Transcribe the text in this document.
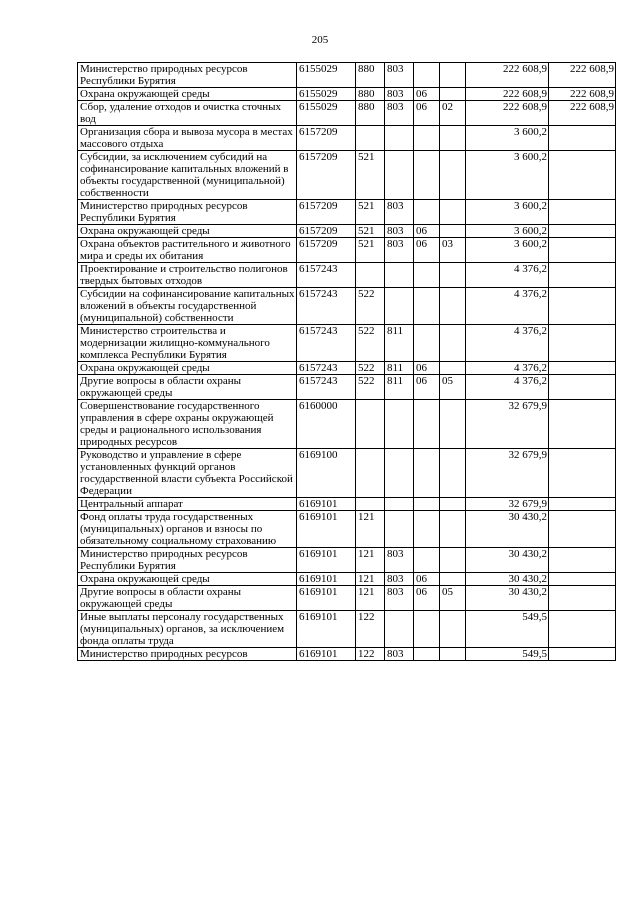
205
Министерство природных ресурсов Республики Бурятия	6155029	880	803			222 608,9	222 608,9
Охрана окружающей среды	6155029	880	803	06		222 608,9	222 608,9
Сбор, удаление отходов и очистка сточных вод	6155029	880	803	06	02	222 608,9	222 608,9
Организация сбора и вывоза мусора в местах массового отдыха	6157209					3 600,2	
Субсидии, за исключением субсидий на софинансирование капитальных вложений в объекты государственной (муниципальной) собственности	6157209	521				3 600,2	
Министерство природных ресурсов Республики Бурятия	6157209	521	803			3 600,2	
Охрана окружающей среды	6157209	521	803	06		3 600,2	
Охрана объектов растительного и животного мира и среды их обитания	6157209	521	803	06	03	3 600,2	
Проектирование и строительство полигонов твердых бытовых отходов	6157243					4 376,2	
Субсидии на софинансирование капитальных вложений в объекты государственной (муниципальной) собственности	6157243	522				4 376,2	
Министерство строительства и модернизации жилищно-коммунального комплекса Республики Бурятия	6157243	522	811			4 376,2	
Охрана окружающей среды	6157243	522	811	06		4 376,2	
Другие вопросы в области охраны окружающей среды	6157243	522	811	06	05	4 376,2	
Совершенствование государственного управления в сфере охраны окружающей среды и рационального использования природных ресурсов	6160000					32 679,9	
Руководство и управление в сфере установленных функций органов государственной власти субъекта Российской Федерации	6169100					32 679,9	
Центральный аппарат	6169101					32 679,9	
Фонд оплаты труда государственных (муниципальных) органов и взносы по обязательному социальному страхованию	6169101	121				30 430,2	
Министерство природных ресурсов Республики Бурятия	6169101	121	803			30 430,2	
Охрана окружающей среды	6169101	121	803	06		30 430,2	
Другие вопросы в области охраны окружающей среды	6169101	121	803	06	05	30 430,2	
Иные выплаты персоналу государственных (муниципальных) органов, за исключением фонда оплаты труда	6169101	122				549,5	
Министерство природных ресурсов	6169101	122	803			549,5	
